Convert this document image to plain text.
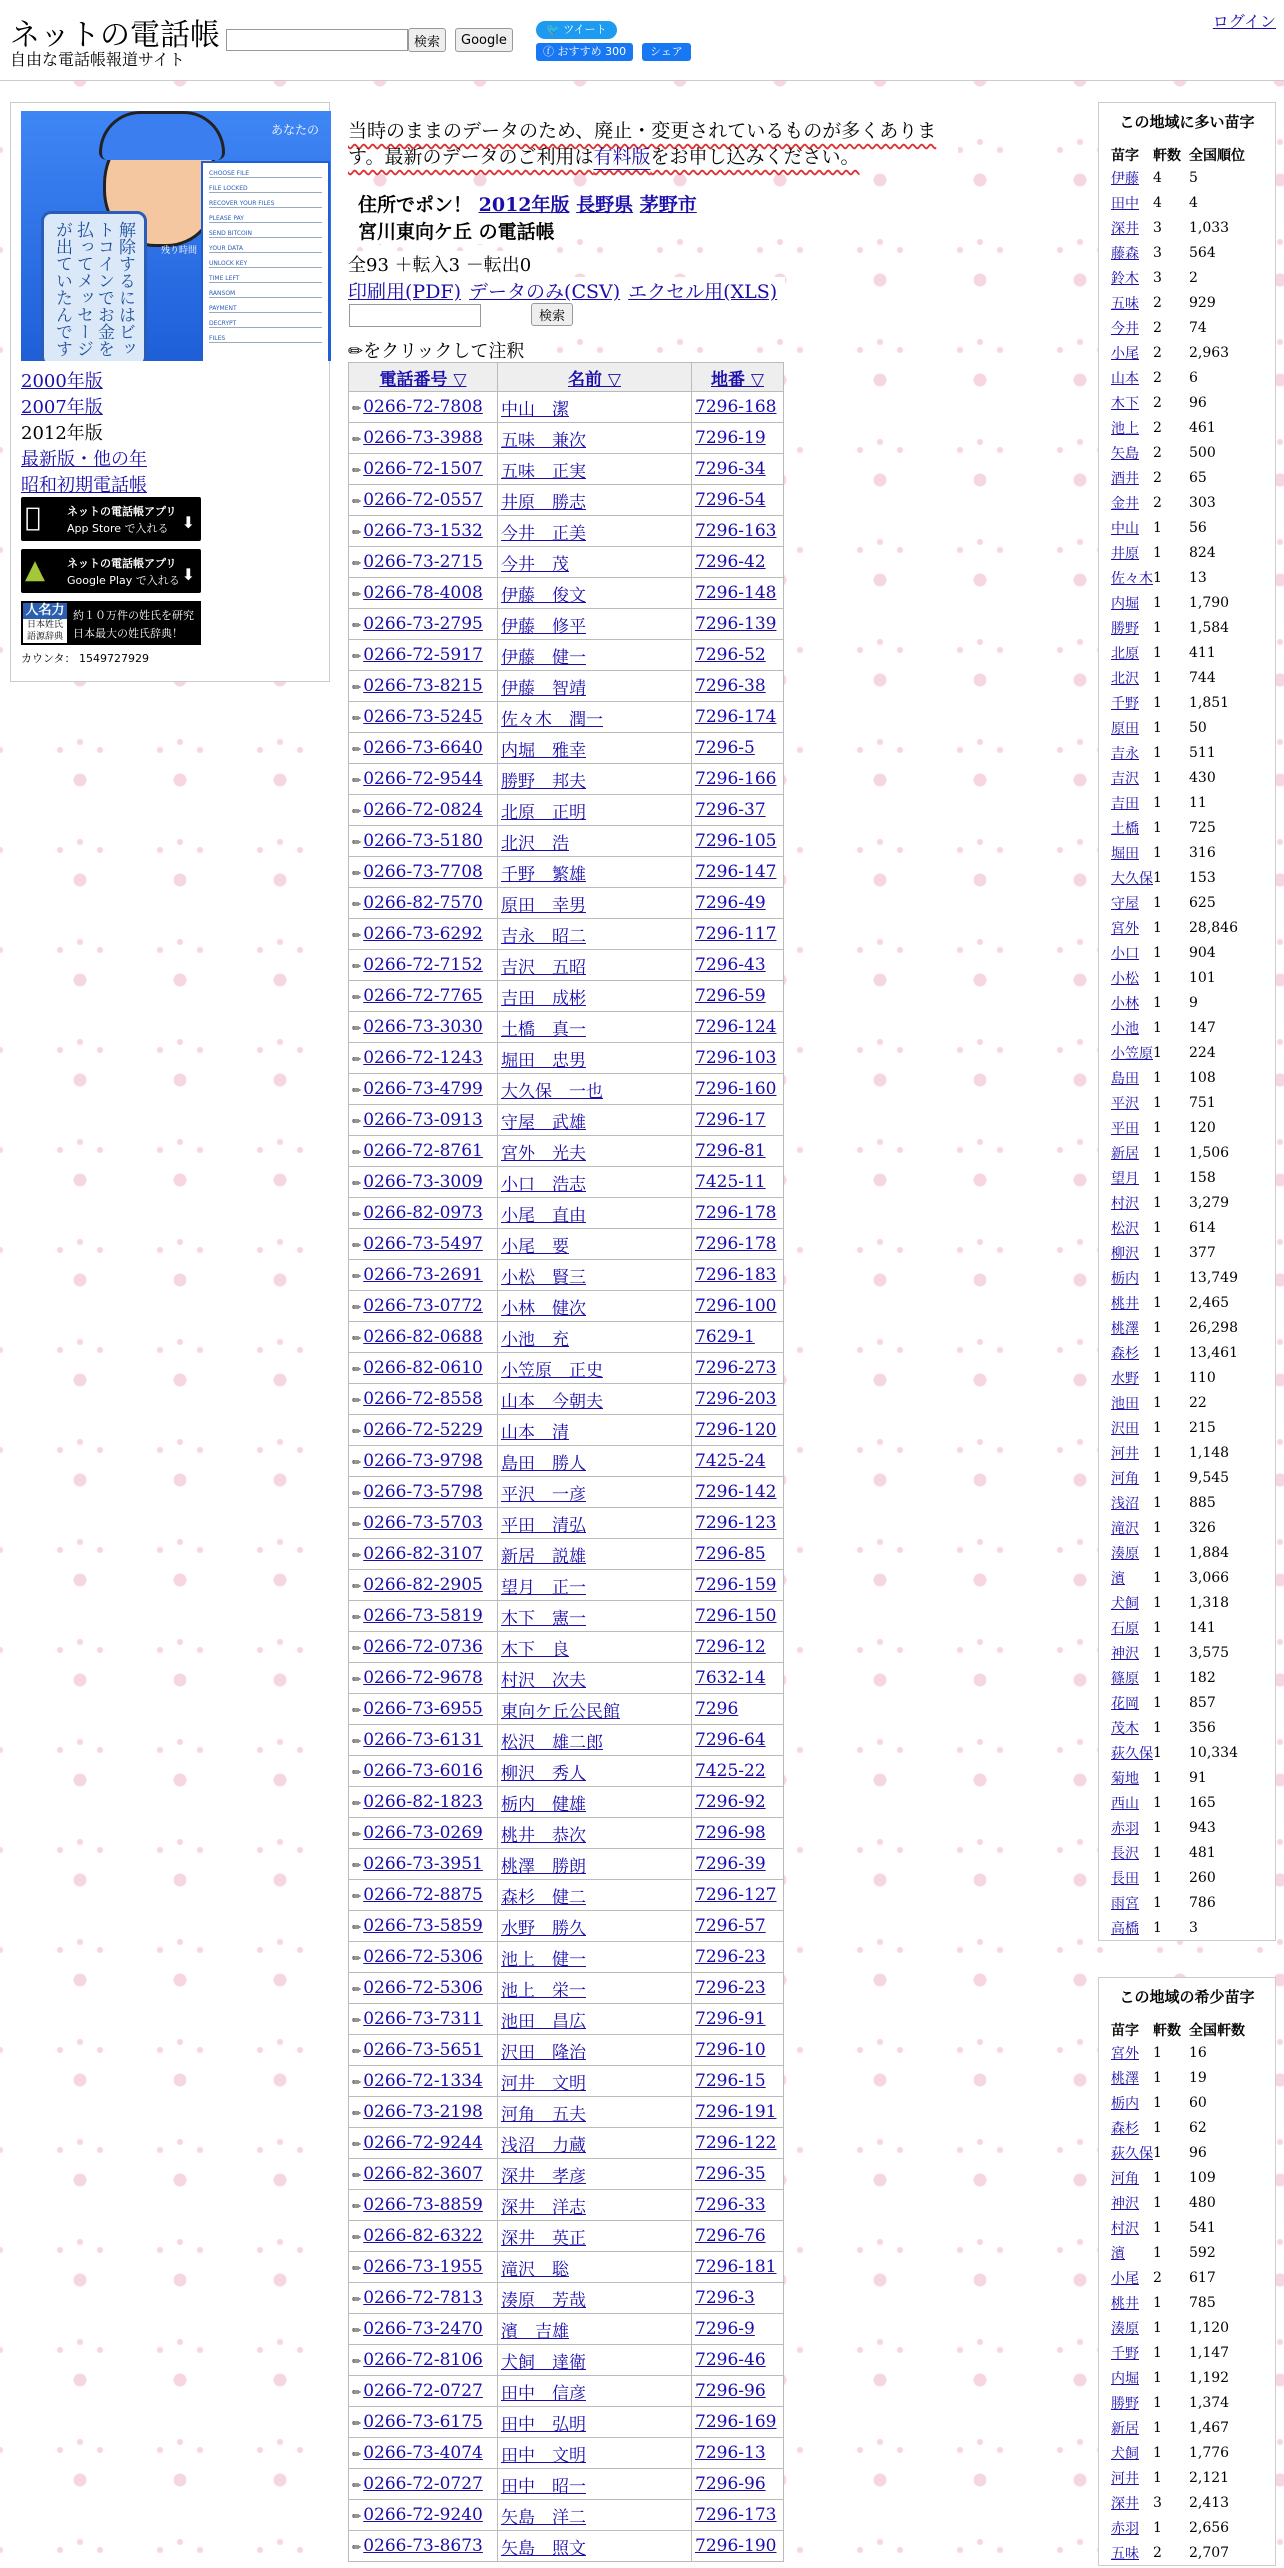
ネットの電話帳
自由な電話帳報道サイト
検索	Google
🐦 ツイート
ⓕ おすすめ 300	シェア
ログイン
CHOOSE FILE
FILE LOCKED
RECOVER YOUR FILES
PLEASE PAY
SEND BITCOIN
YOUR DATA
UNLOCK KEY
TIME LEFT
RANSOM
PAYMENT
DECRYPT
FILES
解除するにはビットコインでお金を払ってメッセージが出ていたんです
あなたの
残り時間
2000年版
2007年版
2012年版
最新版・他の年
昭和初期電話帳
ネットの電話帳アプリ
App Store で入れる ⬇
▲ ネットの電話帳アプリ
Google Play で入れる ⬇
人名力
日本姓氏語源辞典
約１０万件の姓氏を研究
日本最大の姓氏辞典！
カウンタ： 1549727929
当時のままのデータのため、廃止・変更されているものが多くありま
す。最新のデータのご利用は有料版をお申し込みください。
住所でポン！ 2012年版 長野県 茅野市
宮川東向ケ丘 の電話帳
全93 ＋転入3 －転出0
印刷用(PDF) データのみ(CSV) エクセル用(XLS)
検索
✏をクリックして注釈
電話番号 ▽	名前 ▽	地番 ▽
✏ 0266-72-7808	中山　潔	7296-168
✏ 0266-73-3988	五味　兼次	7296-19
✏ 0266-72-1507	五味　正実	7296-34
✏ 0266-72-0557	井原　勝志	7296-54
✏ 0266-73-1532	今井　正美	7296-163
✏ 0266-73-2715	今井　茂	7296-42
✏ 0266-78-4008	伊藤　俊文	7296-148
✏ 0266-73-2795	伊藤　修平	7296-139
✏ 0266-72-5917	伊藤　健一	7296-52
✏ 0266-73-8215	伊藤　智靖	7296-38
✏ 0266-73-5245	佐々木　潤一	7296-174
✏ 0266-73-6640	内堀　雅幸	7296-5
✏ 0266-72-9544	勝野　邦夫	7296-166
✏ 0266-72-0824	北原　正明	7296-37
✏ 0266-73-5180	北沢　浩	7296-105
✏ 0266-73-7708	千野　繁雄	7296-147
✏ 0266-82-7570	原田　幸男	7296-49
✏ 0266-73-6292	吉永　昭二	7296-117
✏ 0266-72-7152	吉沢　五昭	7296-43
✏ 0266-72-7765	吉田　成彬	7296-59
✏ 0266-73-3030	土橋　真一	7296-124
✏ 0266-72-1243	堀田　忠男	7296-103
✏ 0266-73-4799	大久保　一也	7296-160
✏ 0266-73-0913	守屋　武雄	7296-17
✏ 0266-72-8761	宮外　光夫	7296-81
✏ 0266-73-3009	小口　浩志	7425-11
✏ 0266-82-0973	小尾　直由	7296-178
✏ 0266-73-5497	小尾　要	7296-178
✏ 0266-73-2691	小松　賢三	7296-183
✏ 0266-73-0772	小林　健次	7296-100
✏ 0266-82-0688	小池　充	7629-1
✏ 0266-82-0610	小笠原　正史	7296-273
✏ 0266-72-8558	山本　今朝夫	7296-203
✏ 0266-72-5229	山本　清	7296-120
✏ 0266-73-9798	島田　勝人	7425-24
✏ 0266-73-5798	平沢　一彦	7296-142
✏ 0266-73-5703	平田　清弘	7296-123
✏ 0266-82-3107	新居　説雄	7296-85
✏ 0266-82-2905	望月　正一	7296-159
✏ 0266-73-5819	木下　憲一	7296-150
✏ 0266-72-0736	木下　良	7296-12
✏ 0266-72-9678	村沢　次夫	7632-14
✏ 0266-73-6955	東向ケ丘公民館	7296
✏ 0266-73-6131	松沢　雄二郎	7296-64
✏ 0266-73-6016	柳沢　秀人	7425-22
✏ 0266-82-1823	栃内　健雄	7296-92
✏ 0266-73-0269	桃井　恭次	7296-98
✏ 0266-73-3951	桃澤　勝朗	7296-39
✏ 0266-72-8875	森杉　健二	7296-127
✏ 0266-73-5859	水野　勝久	7296-57
✏ 0266-72-5306	池上　健一	7296-23
✏ 0266-72-5306	池上　栄一	7296-23
✏ 0266-73-7311	池田　昌広	7296-91
✏ 0266-73-5651	沢田　隆治	7296-10
✏ 0266-72-1334	河井　文明	7296-15
✏ 0266-73-2198	河角　五夫	7296-191
✏ 0266-72-9244	浅沼　力蔵	7296-122
✏ 0266-82-3607	深井　孝彦	7296-35
✏ 0266-73-8859	深井　洋志	7296-33
✏ 0266-82-6322	深井　英正	7296-76
✏ 0266-73-1955	滝沢　聡	7296-181
✏ 0266-72-7813	湊原　芳哉	7296-3
✏ 0266-73-2470	濱　吉雄	7296-9
✏ 0266-72-8106	犬飼　達衛	7296-46
✏ 0266-72-0727	田中　信彦	7296-96
✏ 0266-73-6175	田中　弘明	7296-169
✏ 0266-73-4074	田中　文明	7296-13
✏ 0266-72-0727	田中　昭一	7296-96
✏ 0266-72-9240	矢島　洋二	7296-173
✏ 0266-73-8673	矢島　照文	7296-190
この地域に多い苗字
苗字	軒数	全国順位
伊藤	4	5
田中	4	4
深井	3	1,033
藤森	3	564
鈴木	3	2
五味	2	929
今井	2	74
小尾	2	2,963
山本	2	6
木下	2	96
池上	2	461
矢島	2	500
酒井	2	65
金井	2	303
中山	1	56
井原	1	824
佐々木	1	13
内堀	1	1,790
勝野	1	1,584
北原	1	411
北沢	1	744
千野	1	1,851
原田	1	50
吉永	1	511
吉沢	1	430
吉田	1	11
土橋	1	725
堀田	1	316
大久保	1	153
守屋	1	625
宮外	1	28,846
小口	1	904
小松	1	101
小林	1	9
小池	1	147
小笠原	1	224
島田	1	108
平沢	1	751
平田	1	120
新居	1	1,506
望月	1	158
村沢	1	3,279
松沢	1	614
柳沢	1	377
栃内	1	13,749
桃井	1	2,465
桃澤	1	26,298
森杉	1	13,461
水野	1	110
池田	1	22
沢田	1	215
河井	1	1,148
河角	1	9,545
浅沼	1	885
滝沢	1	326
湊原	1	1,884
濱	1	3,066
犬飼	1	1,318
石原	1	141
神沢	1	3,575
篠原	1	182
花岡	1	857
茂木	1	356
荻久保	1	10,334
菊地	1	91
西山	1	165
赤羽	1	943
長沢	1	481
長田	1	260
雨宮	1	786
高橋	1	3
この地域の希少苗字
苗字	軒数	全国軒数
宮外	1	16
桃澤	1	19
栃内	1	60
森杉	1	62
荻久保	1	96
河角	1	109
神沢	1	480
村沢	1	541
濱	1	592
小尾	2	617
桃井	1	785
湊原	1	1,120
千野	1	1,147
内堀	1	1,192
勝野	1	1,374
新居	1	1,467
犬飼	1	1,776
河井	1	2,121
深井	3	2,413
赤羽	1	2,656
五味	2	2,707
